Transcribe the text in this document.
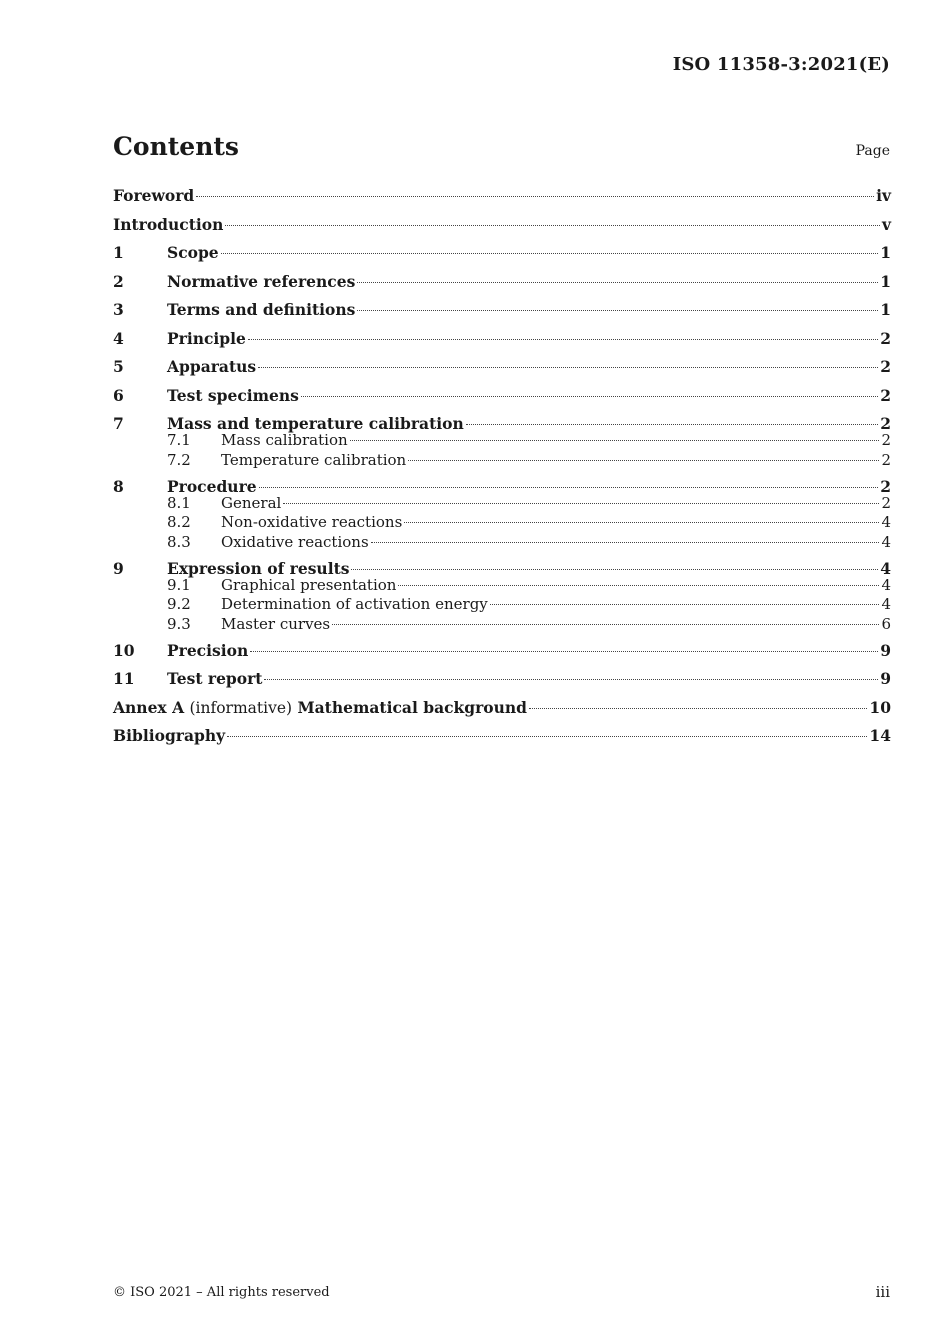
ISO 11358-3:2021(E)
Contents	Page
Foreword	iv
Introduction	v
1	Scope	1
2	Normative references	1
3	Terms and definitions	1
4	Principle	2
5	Apparatus	2
6	Test specimens	2
7	Mass and temperature calibration	2
7.1	Mass calibration	2
7.2	Temperature calibration	2
8	Procedure	2
8.1	General	2
8.2	Non-oxidative reactions	4
8.3	Oxidative reactions	4
9	Expression of results	4
9.1	Graphical presentation	4
9.2	Determination of activation energy	4
9.3	Master curves	6
10	Precision	9
11	Test report	9
Annex A (informative) Mathematical background	10
Bibliography	14
© ISO 2021 – All rights reserved	iii
